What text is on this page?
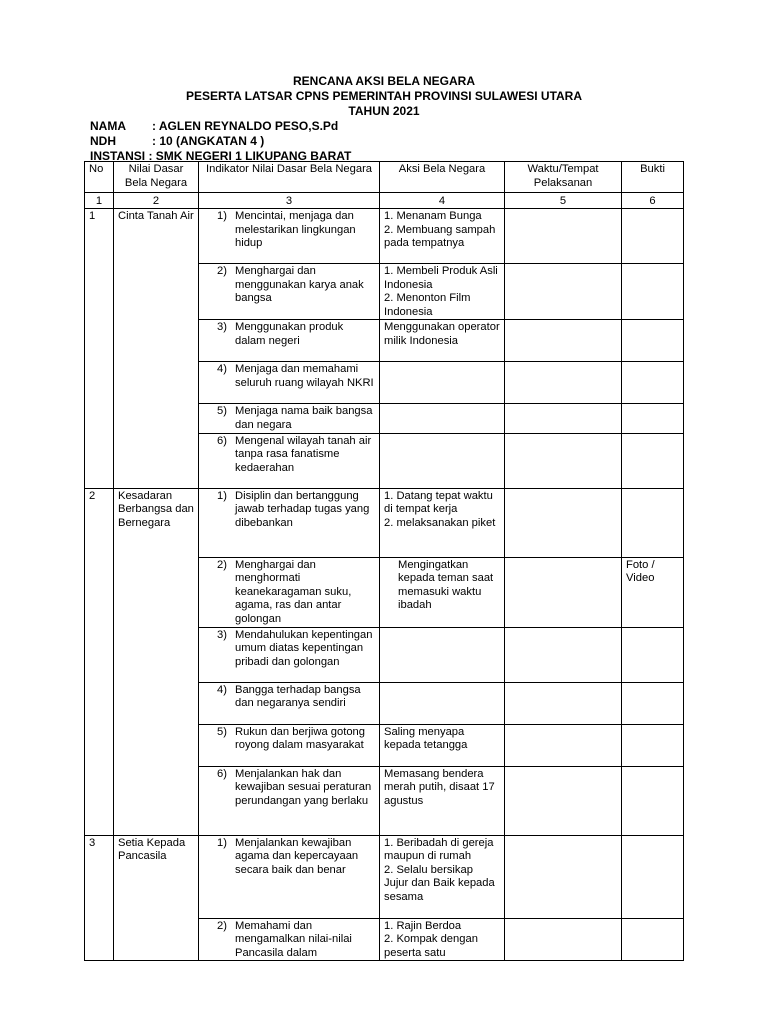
RENCANA AKSI BELA NEGARA
PESERTA LATSAR CPNS PEMERINTAH PROVINSI SULAWESI UTARA
TAHUN 2021
NAMA : AGLEN REYNALDO PESO,S.Pd
NDH	: 10 (ANGKATAN 4 )
INSTANSI : SMK NEGERI 1 LIKUPANG BARAT
No	Nilai Dasar Bela Negara	Indikator Nilai Dasar Bela Negara	Aksi Bela Negara	Waktu/Tempat Pelaksanan	Bukti
1	2	3	4	5	6
1	Cinta Tanah Air	1) Mencintai, menjaga dan melestarikan lingkungan hidup	1. Menanam Bunga
2. Membuang sampah pada tempatnya		

		2) Menghargai dan menggunakan karya anak bangsa	1. Membeli Produk Asli Indonesia
2. Menonton Film Indonesia		

		3) Menggunakan produk dalam negeri	Menggunakan operator milik Indonesia		

		4) Menjaga dan memahami seluruh ruang wilayah NKRI			

		5) Menjaga nama baik bangsa dan negara			

		6) Mengenal wilayah tanah air tanpa rasa fanatisme kedaerahan			

2	Kesadaran Berbangsa dan Bernegara	1) Disiplin dan bertanggung jawab terhadap tugas yang dibebankan	1. Datang tepat waktu di tempat kerja
2. melaksanakan piket		

		2) Menghargai dan menghormati keanekaragaman suku, agama, ras dan antar golongan	Mengingatkan kepada teman saat memasuki waktu ibadah		Foto / Video

		3) Mendahulukan kepentingan umum diatas kepentingan pribadi dan golongan			

		4) Bangga terhadap bangsa dan negaranya sendiri			

		5) Rukun dan berjiwa gotong royong dalam masyarakat	Saling menyapa kepada tetangga		

		6) Menjalankan hak dan kewajiban sesuai peraturan perundangan yang berlaku	Memasang bendera merah putih, disaat 17 agustus		
3	Setia Kepada Pancasila	1) Menjalankan kewajiban agama dan kepercayaan secara baik dan benar	1. Beribadah di gereja maupun di rumah
2. Selalu bersikap Jujur dan Baik kepada sesama		

		2) Memahami dan mengamalkan nilai-nilai Pancasila dalam	1. Rajin Berdoa
2. Kompak dengan peserta satu		
